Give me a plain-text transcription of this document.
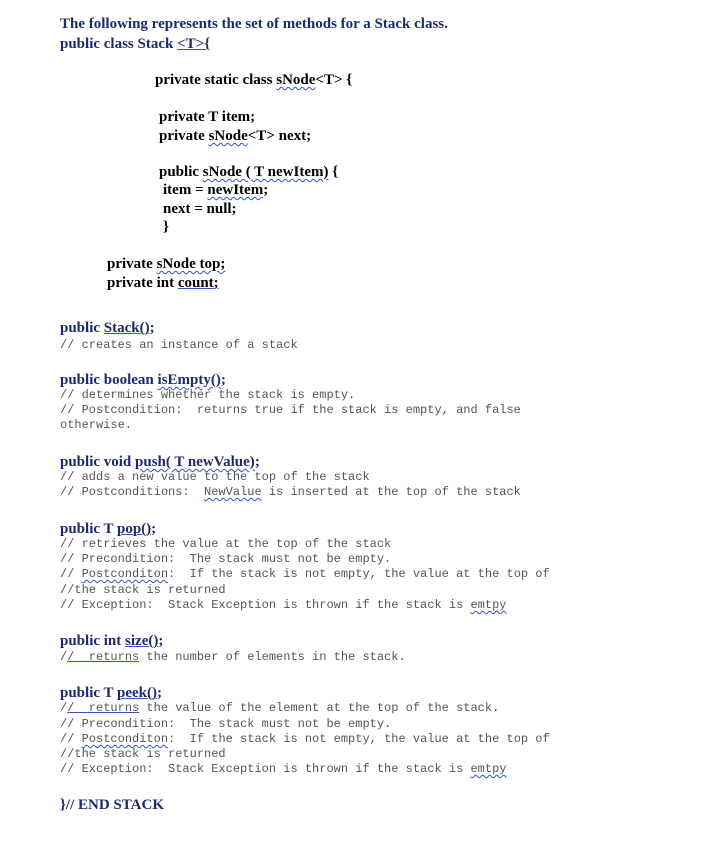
The following represents the set of methods for a Stack class.
public class Stack <T>{
private static class sNode<T> {
private T item;
private sNode<T> next;
public sNode ( T newItem) {
item = newItem;
next = null;
}
private sNode top;
private int count;
public Stack();
// creates an instance of a stack
public boolean isEmpty();
// determines whether the stack is empty.
// Postcondition:  returns true if the stack is empty, and false
otherwise.
public void push( T newValue);
// adds a new value to the top of the stack
// Postconditions:  NewValue is inserted at the top of the stack
public T pop();
// retrieves the value at the top of the stack
// Precondition:  The stack must not be empty.
// Postconditon:  If the stack is not empty, the value at the top of
//the stack is returned
// Exception:  Stack Exception is thrown if the stack is emtpy
public int size();
//  returns the number of elements in the stack.
public T peek();
//  returns the value of the element at the top of the stack.
// Precondition:  The stack must not be empty.
// Postconditon:  If the stack is not empty, the value at the top of
//the stack is returned
// Exception:  Stack Exception is thrown if the stack is emtpy
}// END STACK
